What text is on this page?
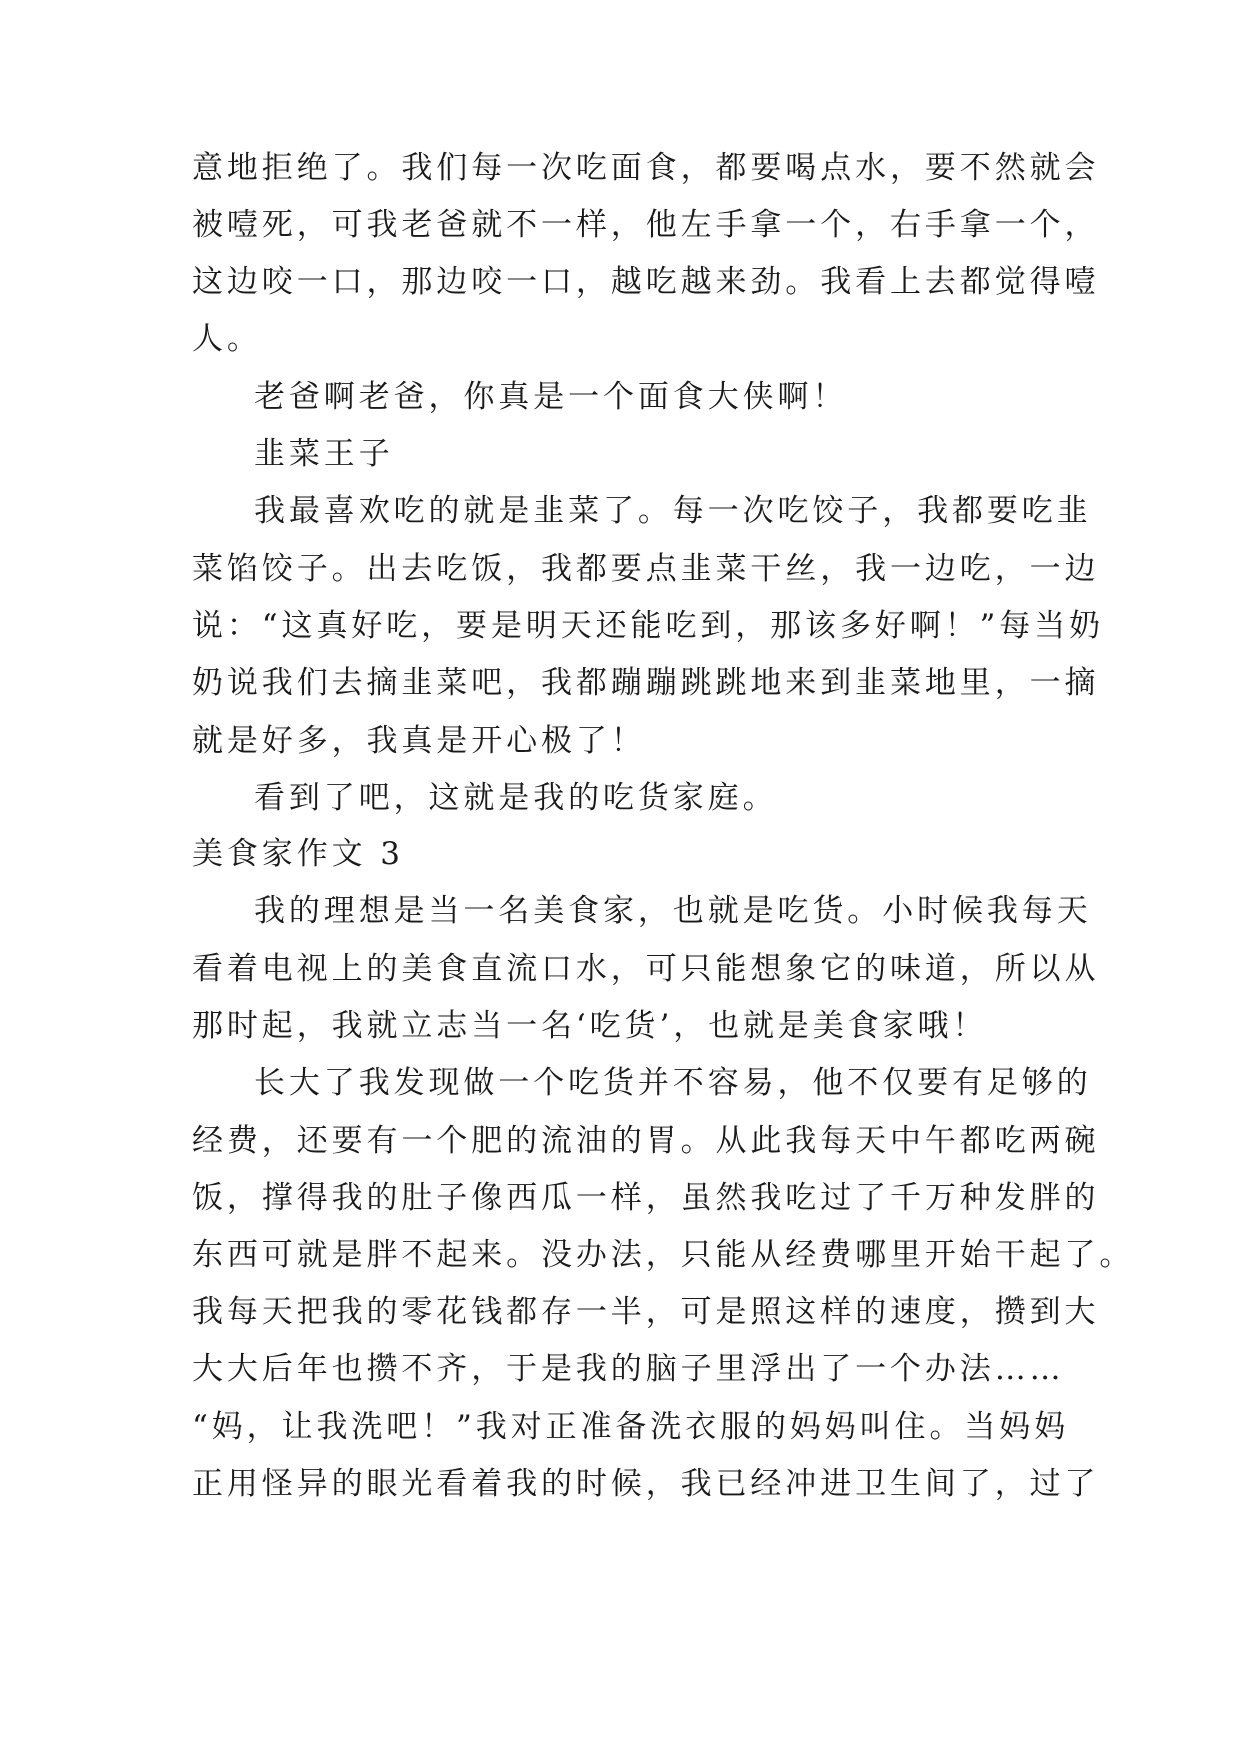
意地拒绝了。我们每一次吃面食，都要喝点水，要不然就会

被噎死，可我老爸就不一样，他左手拿一个，右手拿一个，

这边咬一口，那边咬一口，越吃越来劲。我看上去都觉得噎

人。

老爸啊老爸，你真是一个面食大侠啊！

韭菜王子

我最喜欢吃的就是韭菜了。每一次吃饺子，我都要吃韭

菜馅饺子。出去吃饭，我都要点韭菜干丝，我一边吃，一边

说：“这真好吃，要是明天还能吃到，那该多好啊！”每当奶

奶说我们去摘韭菜吧，我都蹦蹦跳跳地来到韭菜地里，一摘

就是好多，我真是开心极了！

看到了吧，这就是我的吃货家庭。

美食家作文 3

我的理想是当一名美食家，也就是吃货。小时候我每天

看着电视上的美食直流口水，可只能想象它的味道，所以从

那时起，我就立志当一名‘吃货’，也就是美食家哦！

长大了我发现做一个吃货并不容易，他不仅要有足够的

经费，还要有一个肥的流油的胃。从此我每天中午都吃两碗

饭，撑得我的肚子像西瓜一样，虽然我吃过了千万种发胖的

东西可就是胖不起来。没办法，只能从经费哪里开始干起了。

我每天把我的零花钱都存一半，可是照这样的速度，攒到大

大大后年也攒不齐，于是我的脑子里浮出了一个办法……

“妈，让我洗吧！”我对正准备洗衣服的妈妈叫住。当妈妈

正用怪异的眼光看着我的时候，我已经冲进卫生间了，过了
